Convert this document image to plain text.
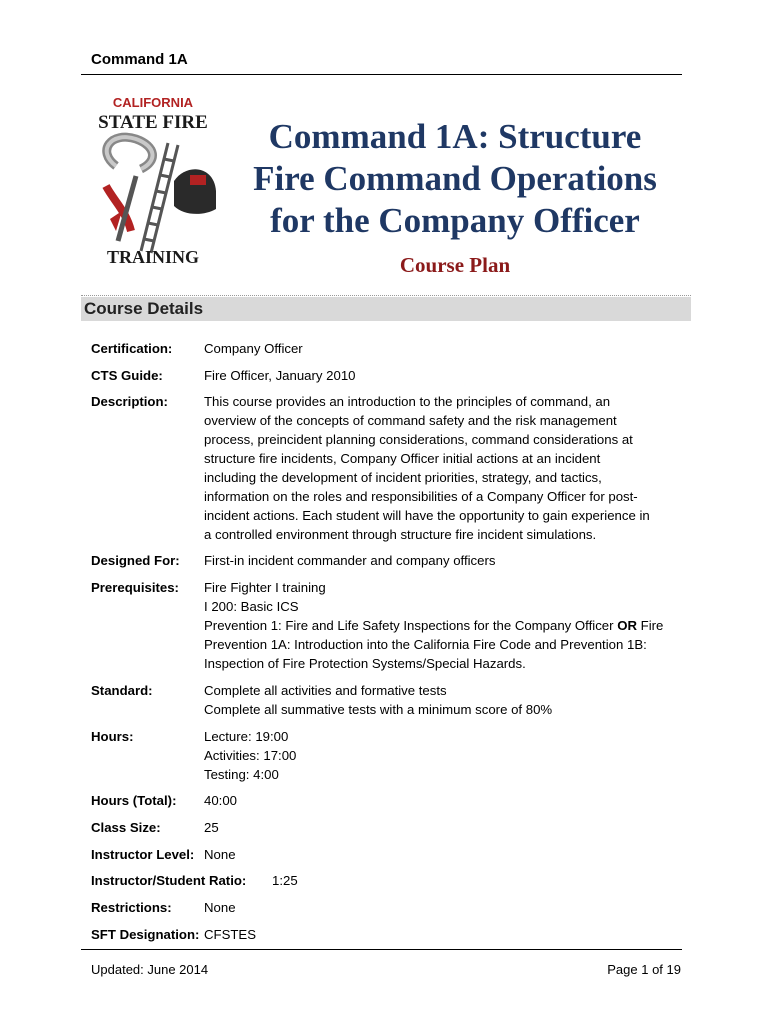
Command 1A
CALIFORNIA
STATE FIRE
TRAINING
Command 1A: Structure
Fire Command Operations
for the Company Officer
Course Plan
Course Details
Certification: Company Officer
CTS Guide:	Fire Officer, January 2010
Description:	This course provides an introduction to the principles of command, an
overview of the concepts of command safety and the risk management
process, preincident planning considerations, command considerations at
structure fire incidents, Company Officer initial actions at an incident
including the development of incident priorities, strategy, and tactics,
information on the roles and responsibilities of a Company Officer for post-
incident actions. Each student will have the opportunity to gain experience in
a controlled environment through structure fire incident simulations.
Designed For: First-in incident commander and company officers
Prerequisites: Fire Fighter I training
I 200: Basic ICS
Prevention 1: Fire and Life Safety Inspections for the Company Officer OR Fire
Prevention 1A: Introduction into the California Fire Code and Prevention 1B:
Inspection of Fire Protection Systems/Special Hazards.
Standard:	Complete all activities and formative tests
Complete all summative tests with a minimum score of 80%
Hours:	Lecture: 19:00
Activities: 17:00
Testing: 4:00
Hours (Total): 40:00
Class Size:	25
Instructor Level: None
Instructor/Student Ratio: 1:25
Restrictions: None
SFT Designation: CFSTES
Updated: June 2014	Page 1 of 19
